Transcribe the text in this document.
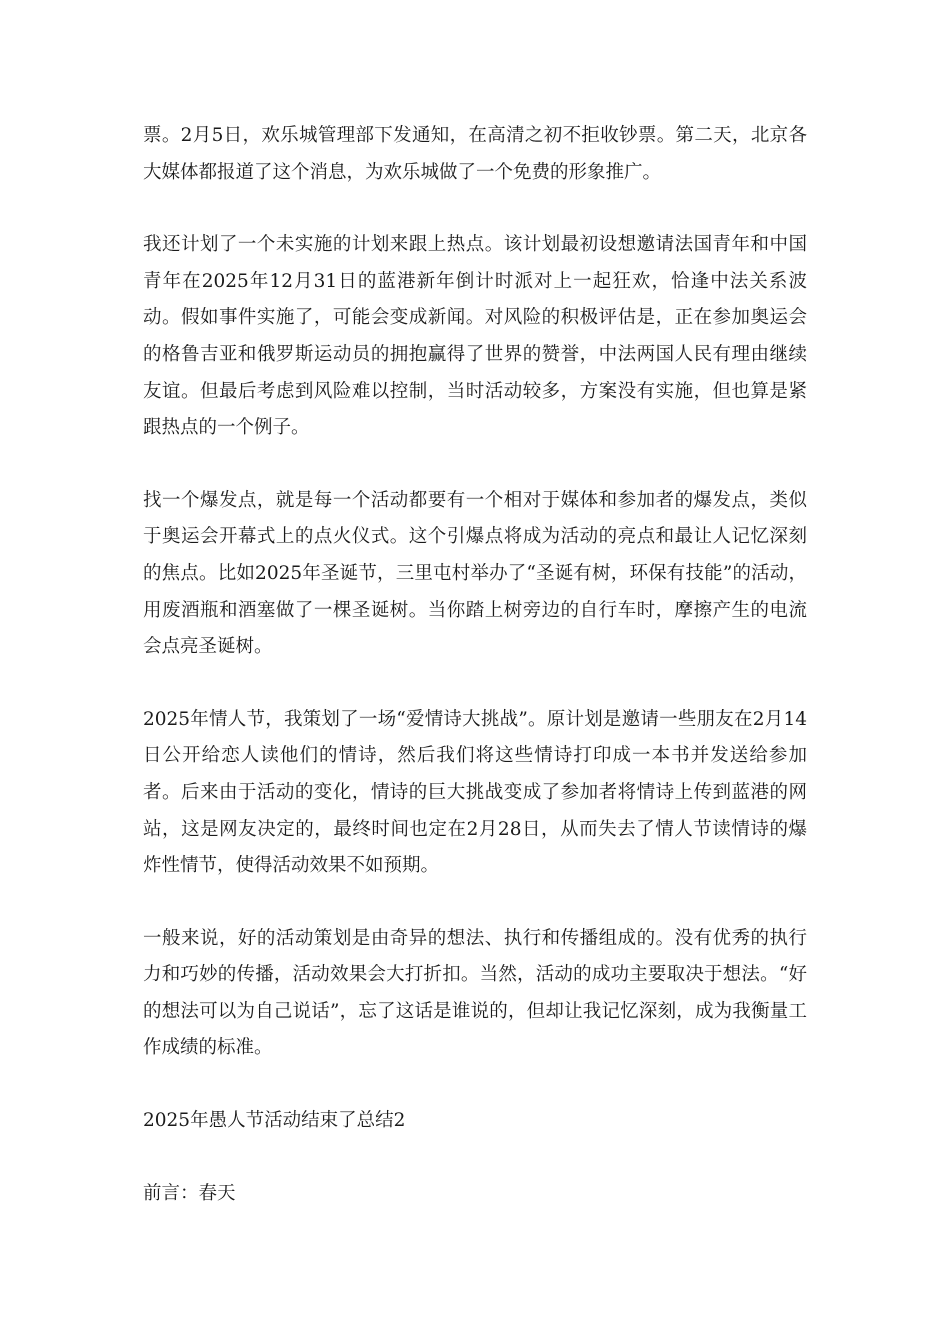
票。2月5日，欢乐城管理部下发通知，在高清之初不拒收钞票。第二天，北京各大媒体都报道了这个消息，为欢乐城做了一个免费的形象推广。

我还计划了一个未实施的计划来跟上热点。该计划最初设想邀请法国青年和中国青年在2025年12月31日的蓝港新年倒计时派对上一起狂欢，恰逢中法关系波动。假如事件实施了，可能会变成新闻。对风险的积极评估是，正在参加奥运会的格鲁吉亚和俄罗斯运动员的拥抱赢得了世界的赞誉，中法两国人民有理由继续友谊。但最后考虑到风险难以控制，当时活动较多，方案没有实施，但也算是紧跟热点的一个例子。

找一个爆发点，就是每一个活动都要有一个相对于媒体和参加者的爆发点，类似于奥运会开幕式上的点火仪式。这个引爆点将成为活动的亮点和最让人记忆深刻的焦点。比如2025年圣诞节，三里屯村举办了“圣诞有树，环保有技能”的活动，用废酒瓶和酒塞做了一棵圣诞树。当你踏上树旁边的自行车时，摩擦产生的电流会点亮圣诞树。

2025年情人节，我策划了一场“爱情诗大挑战”。原计划是邀请一些朋友在2月14日公开给恋人读他们的情诗，然后我们将这些情诗打印成一本书并发送给参加者。后来由于活动的变化，情诗的巨大挑战变成了参加者将情诗上传到蓝港的网站，这是网友决定的，最终时间也定在2月28日，从而失去了情人节读情诗的爆炸性情节，使得活动效果不如预期。

一般来说，好的活动策划是由奇异的想法、执行和传播组成的。没有优秀的执行力和巧妙的传播，活动效果会大打折扣。当然，活动的成功主要取决于想法。“好的想法可以为自己说话”，忘了这话是谁说的，但却让我记忆深刻，成为我衡量工作成绩的标准。

2025年愚人节活动结束了总结2

前言：春天
